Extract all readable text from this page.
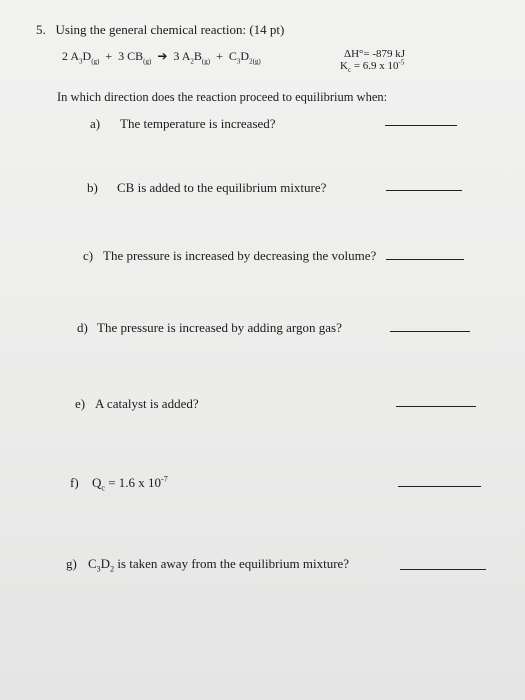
5. Using the general chemical reaction: (14 pt)
2 $A_3D_{(g)} + 3$ $CB_{(g)}$ ➔ 3 $A_2B_{(g)} + C_3D_{2(g)}$
ΔH°= -879 kJ
$K_c = 6.9$ x $10^{-5}$
In which direction does the reaction proceed to equilibrium when:
a) The temperature is increased?
b) CB is added to the equilibrium mixture?
c) The pressure is increased by decreasing the volume?
d) The pressure is increased by adding argon gas?
e) A catalyst is added?
f) $Q_c = 1.6$ x $10^{-7}$
g) $C_3D_2$ is taken away from the equilibrium mixture?
